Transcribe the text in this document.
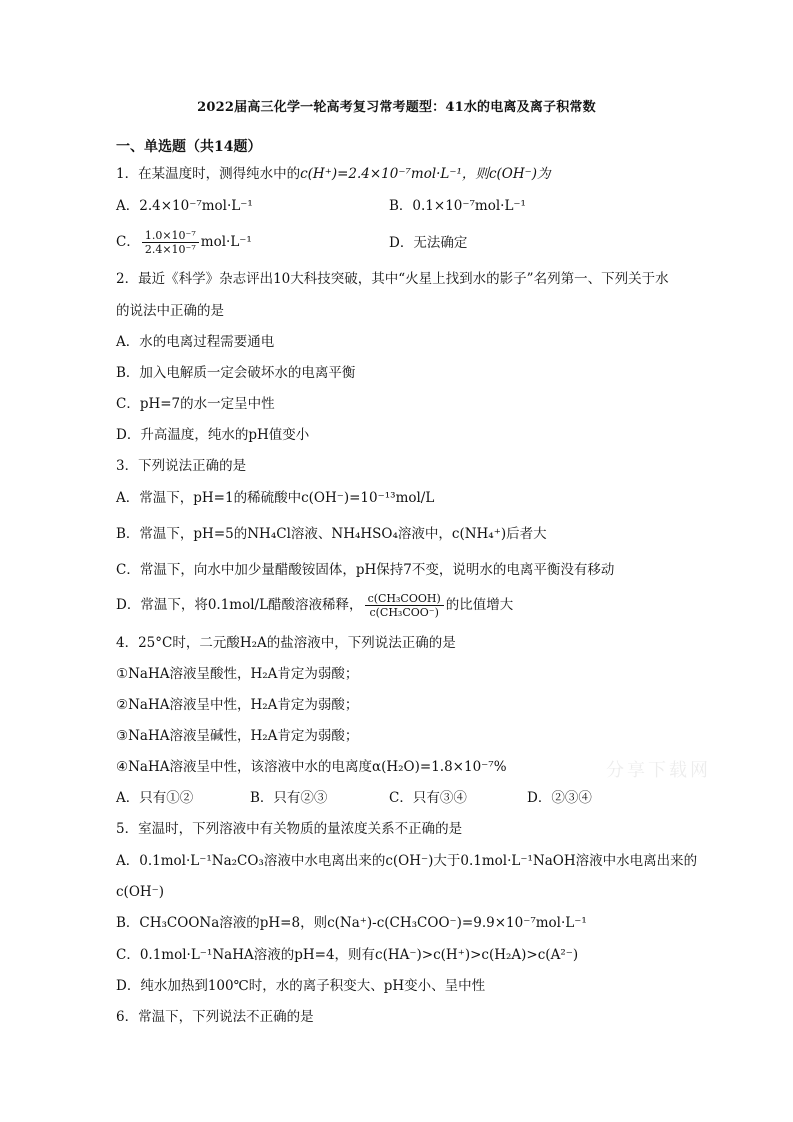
2022届高三化学一轮高考复习常考题型：41水的电离及离子积常数
一、单选题（共14题）
1．在某温度时，测得纯水中的c(H⁺)=2.4×10⁻⁷mol·L⁻¹，则c(OH⁻)为
A．2.4×10⁻⁷mol·L⁻¹	B．0.1×10⁻⁷mol·L⁻¹
C． $\frac{\text{1.0×10⁻⁷}}{\text{2.4×10⁻⁷}} mol\cdot L^{-1}$	D．无法确定
2．最近《科学》杂志评出10大科技突破，其中“火星上找到水的影子”名列第一、下列关于水
的说法中正确的是
A．水的电离过程需要通电
B．加入电解质一定会破坏水的电离平衡
C．pH=7的水一定呈中性
D．升高温度，纯水的pH值变小
3．下列说法正确的是
A．常温下，pH=1的稀硫酸中c(OH⁻)=10⁻¹³mol/L
B．常温下，pH=5的NH₄Cl溶液、NH₄HSO₄溶液中，c(NH₄⁺)后者大
C．常温下，向水中加少量醋酸铵固体，pH保持7不变，说明水的电离平衡没有移动
D．常温下，将0.1mol/L醋酸溶液稀释， $\frac{\text{c(CH₃COOH)}}{\text{c(CH₃COO⁻)}}$ 的比值增大
4．25°C时，二元酸H₂A的盐溶液中，下列说法正确的是
①NaHA溶液呈酸性，H₂A肯定为弱酸；
②NaHA溶液呈中性，H₂A肯定为弱酸；
③NaHA溶液呈碱性，H₂A肯定为弱酸；
④NaHA溶液呈中性，该溶液中水的电离度α(H₂O)=1.8×10⁻⁷%
A．只有①②	B．只有②③	C．只有③④	D．②③④
5．室温时，下列溶液中有关物质的量浓度关系不正确的是
A．0.1mol·L⁻¹Na₂CO₃溶液中水电离出来的c(OH⁻)大于0.1mol·L⁻¹NaOH溶液中水电离出来的
c(OH⁻)
B．CH₃COONa溶液的pH=8，则c(Na⁺)-c(CH₃COO⁻)=9.9×10⁻⁷mol·L⁻¹
C．0.1mol·L⁻¹NaHA溶液的pH=4，则有c(HA⁻)>c(H⁺)>c(H₂A)>c(A²⁻)
D．纯水加热到100℃时，水的离子积变大、pH变小、呈中性
6．常温下，下列说法不正确的是
分享下载网
